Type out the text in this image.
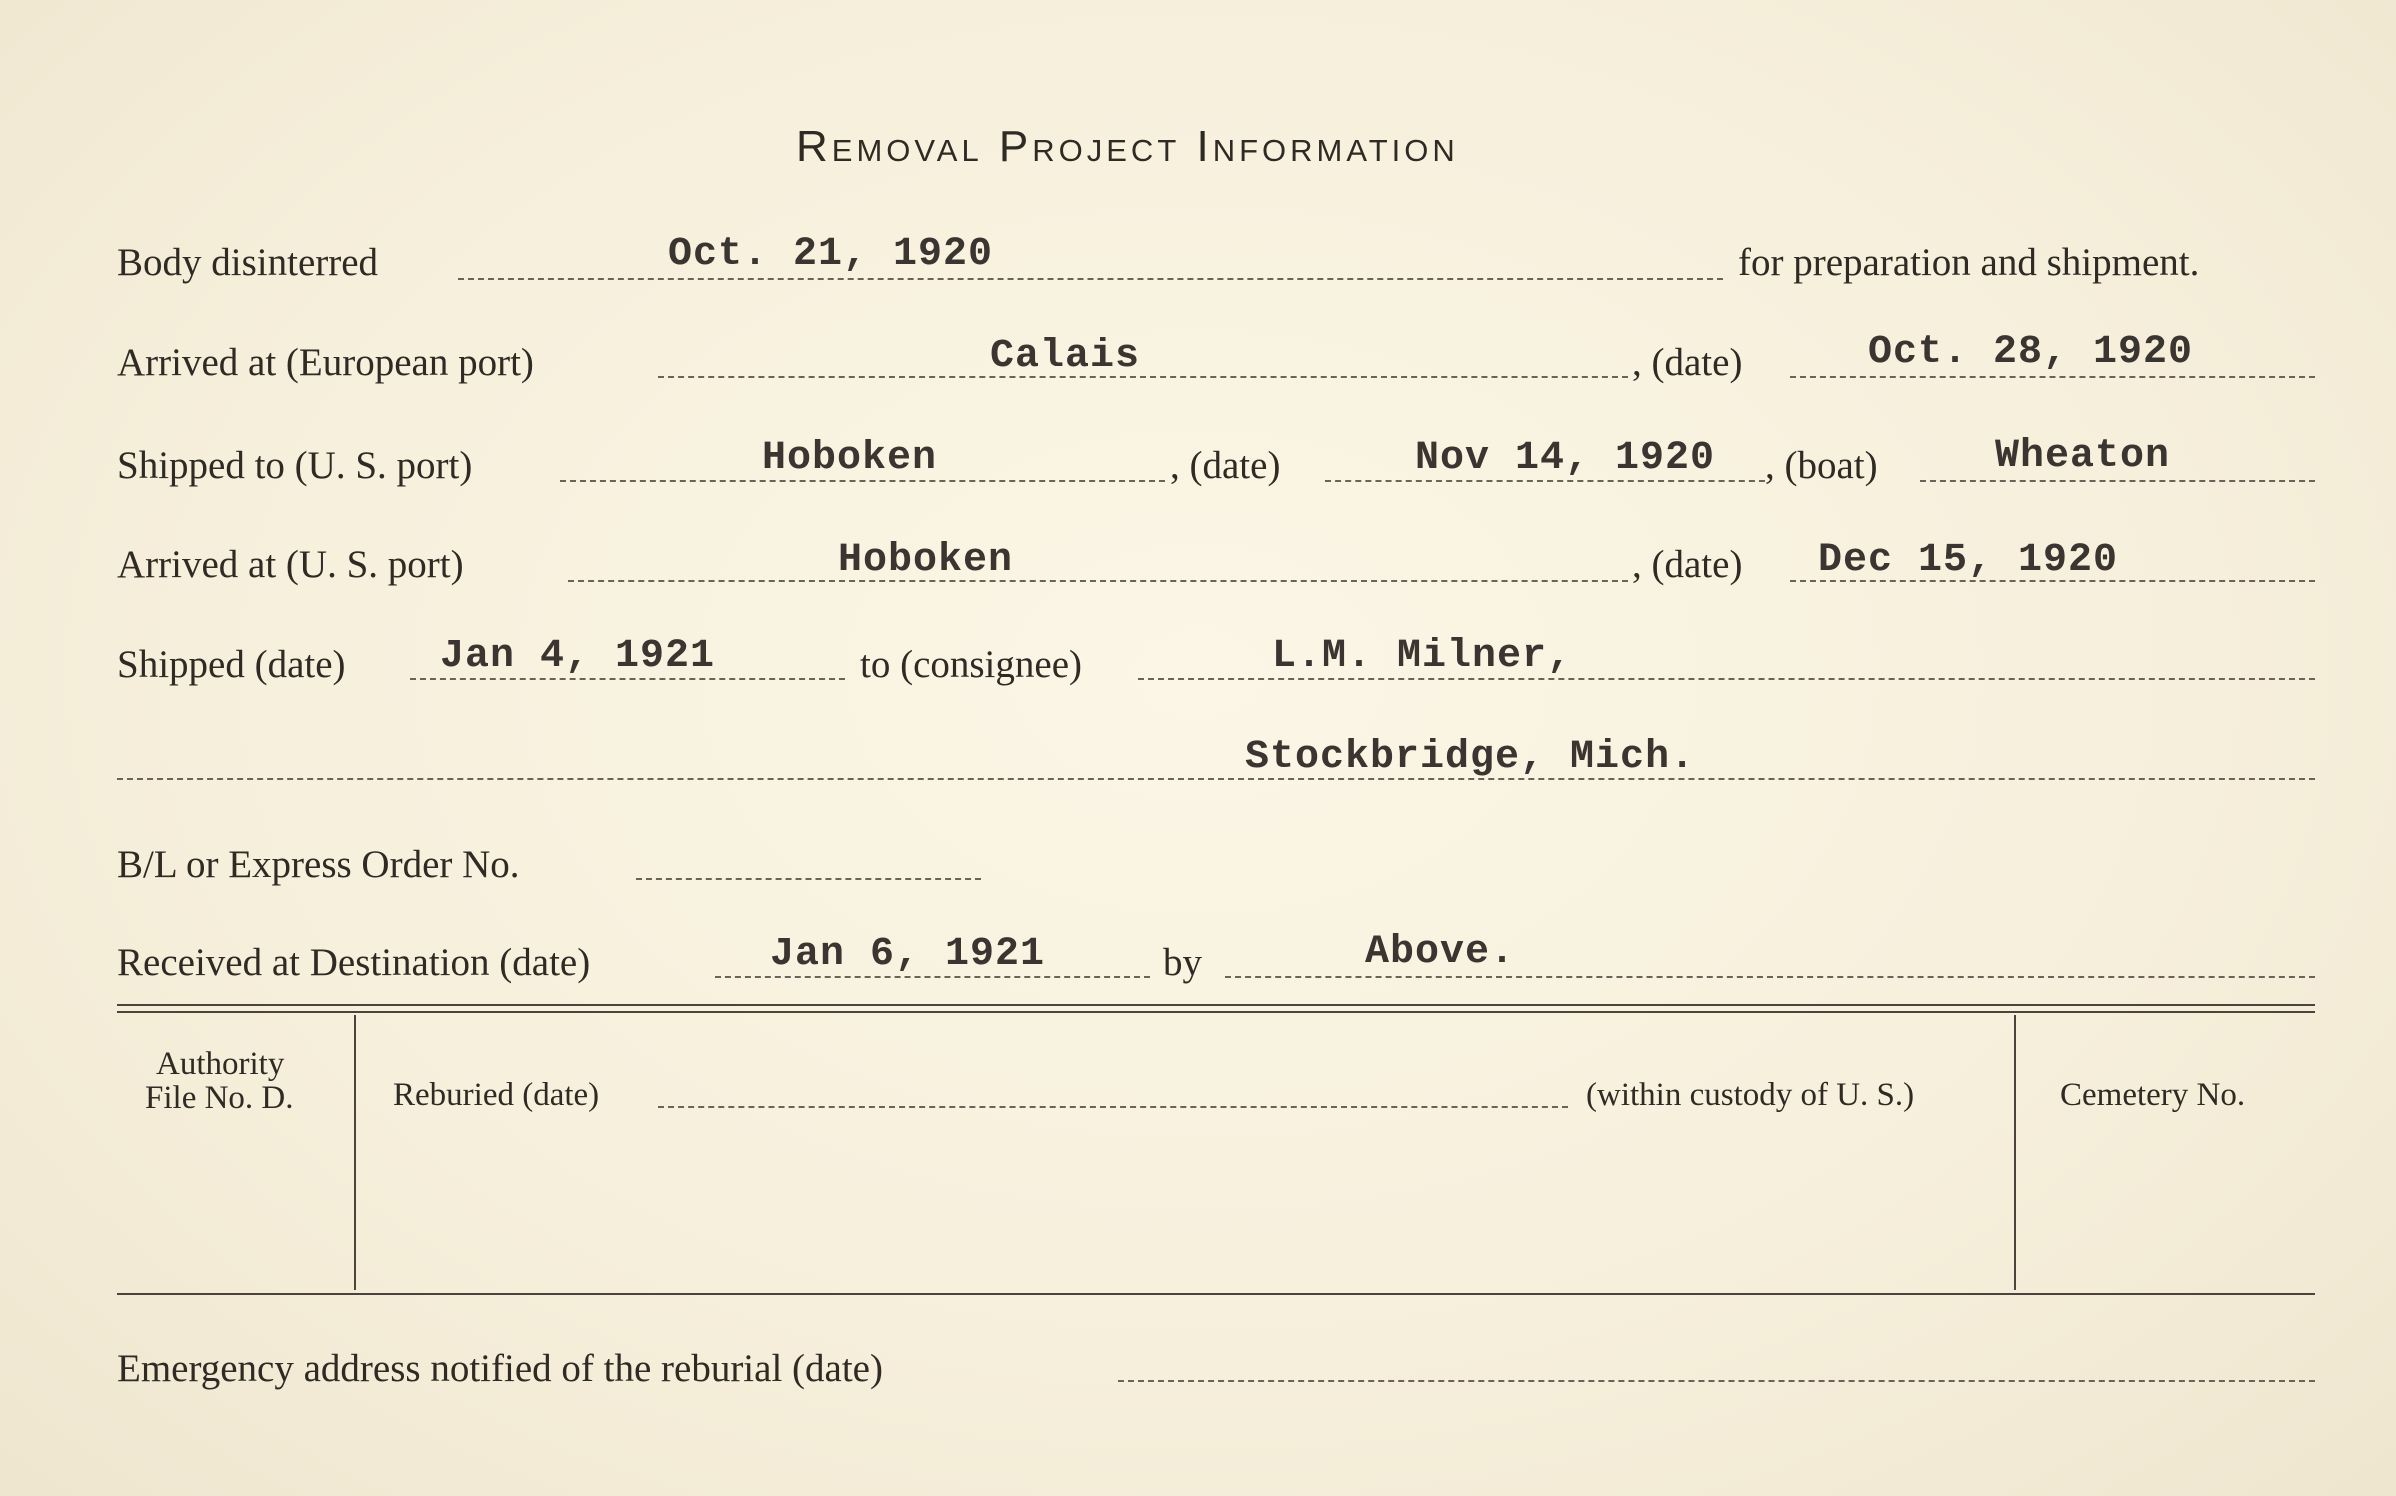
Removal Project Information
Body disinterred	Oct. 21, 1920	for preparation and shipment.
Arrived at (European port)	Calais	, (date)	Oct. 28, 1920
Shipped to (U. S. port)	Hoboken	, (date)	Nov 14, 1920 , (boat)	Wheaton
Arrived at (U. S. port)	Hoboken	, (date) Dec 15, 1920
Shipped (date) Jan 4, 1921	to (consignee)	L.M. Milner,
Stockbridge, Mich.
B/L or Express Order No.
Received at Destination (date)	Jan 6, 1921	by	Above.
Authority
File No. D.	Reburied (date)	(within custody of U. S.)	Cemetery No.
Emergency address notified of the reburial (date)
